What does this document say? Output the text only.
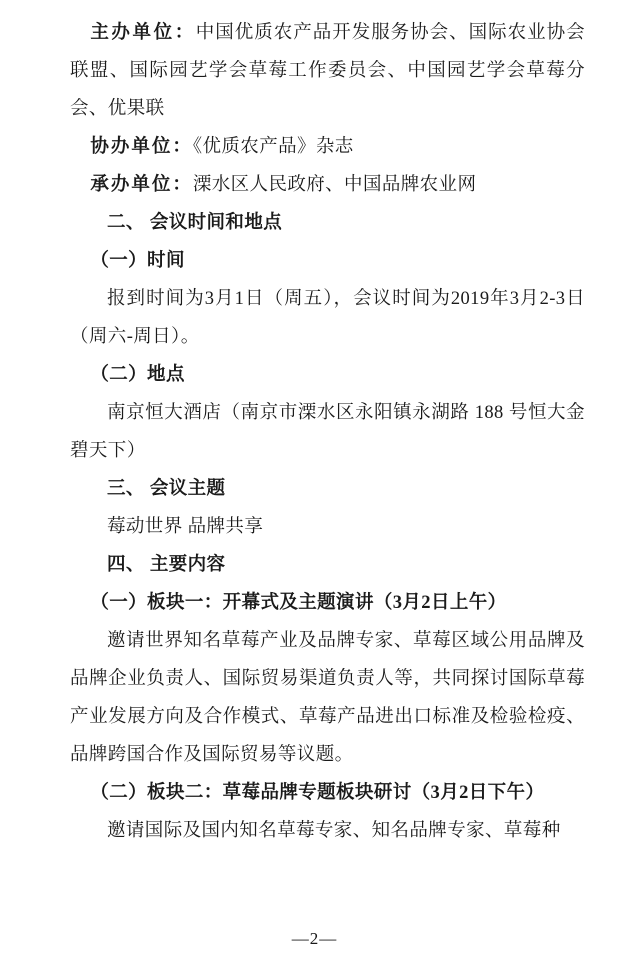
主办单位：中国优质农产品开发服务协会、国际农业协会联盟、国际园艺学会草莓工作委员会、中国园艺学会草莓分会、优果联

协办单位：《优质农产品》杂志

承办单位：溧水区人民政府、中国品牌农业网

二、 会议时间和地点

（一）时间

报到时间为3月1日（周五），会议时间为2019年3月2-3日（周六-周日）。

（二）地点

南京恒大酒店（南京市溧水区永阳镇永湖路 188 号恒大金碧天下）

三、 会议主题

莓动世界 品牌共享

四、 主要内容

（一）板块一：开幕式及主题演讲（3月2日上午）

邀请世界知名草莓产业及品牌专家、草莓区域公用品牌及品牌企业负责人、国际贸易渠道负责人等，共同探讨国际草莓产业发展方向及合作模式、草莓产品进出口标准及检验检疫、品牌跨国合作及国际贸易等议题。

（二）板块二：草莓品牌专题板块研讨（3月2日下午）

邀请国际及国内知名草莓专家、知名品牌专家、草莓种

—2—
